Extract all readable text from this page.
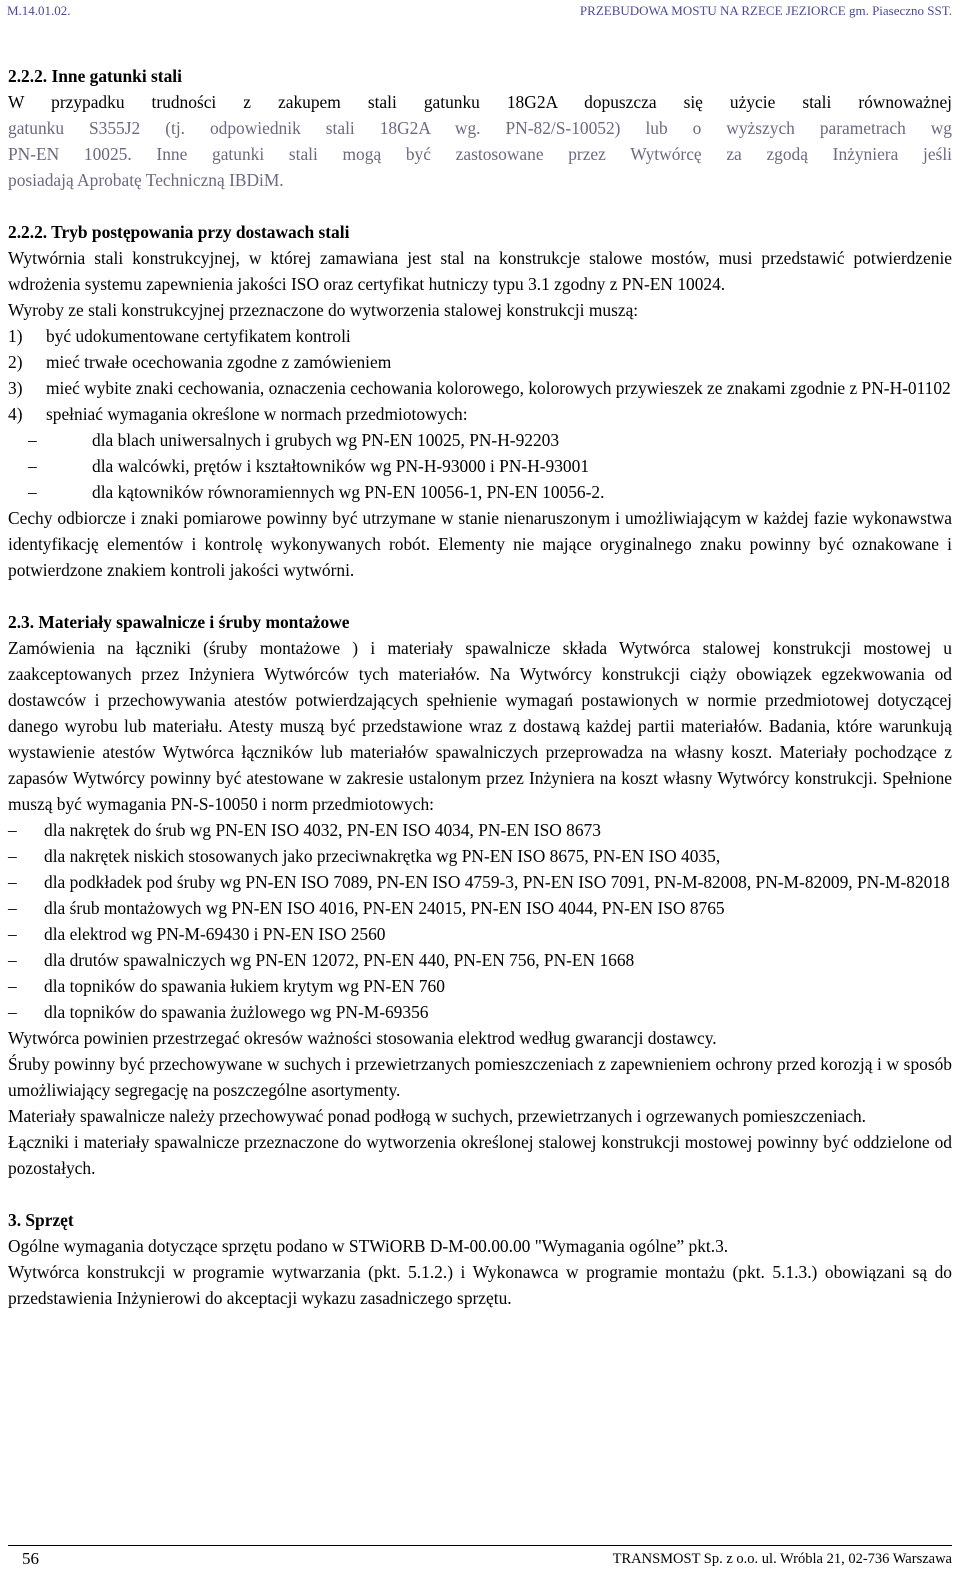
M.14.01.02.	PRZEBUDOWA MOSTU NA RZECE JEZIORCE gm. Piaseczno SST.
2.2.2. Inne gatunki stali
W przypadku trudności z zakupem stali gatunku 18G2A dopuszcza się użycie stali równoważnej
gatunku S355J2 (tj. odpowiednik stali 18G2A wg. PN-82/S-10052) lub o wyższych parametrach wg
PN-EN 10025. Inne gatunki stali mogą być zastosowane przez Wytwórcę za zgodą Inżyniera jeśli
posiadają Aprobatę Techniczną IBDiM.
2.2.2. Tryb postępowania przy dostawach stali

Wytwórnia stali konstrukcyjnej, w której zamawiana jest stal na konstrukcje stalowe mostów, musi przedstawić potwierdzenie wdrożenia systemu zapewnienia jakości ISO oraz certyfikat hutniczy typu 3.1 zgodny z PN-EN 10024.

Wyroby ze stali konstrukcyjnej przeznaczone do wytworzenia stalowej konstrukcji muszą:

1)	być udokumentowane certyfikatem kontroli
2)	mieć trwałe ocechowania zgodne z zamówieniem
3)	mieć wybite znaki cechowania, oznaczenia cechowania kolorowego, kolorowych przywieszek ze znakami zgodnie z PN-H-01102
4)	spełniać wymagania określone w normach przedmiotowych:
–	dla blach uniwersalnych i grubych wg PN-EN 10025, PN-H-92203
–	dla walcówki, prętów i kształtowników wg PN-H-93000 i PN-H-93001
–	dla kątowników równoramiennych wg PN-EN 10056-1, PN-EN 10056-2.

Cechy odbiorcze i znaki pomiarowe powinny być utrzymane w stanie nienaruszonym i umożliwiającym w każdej fazie wykonawstwa identyfikację elementów i kontrolę wykonywanych robót. Elementy nie mające oryginalnego znaku powinny być oznakowane i potwierdzone znakiem kontroli jakości wytwórni.

2.3. Materiały spawalnicze i śruby montażowe

Zamówienia na łączniki (śruby montażowe ) i materiały spawalnicze składa Wytwórca stalowej konstrukcji mostowej u zaakceptowanych przez Inżyniera Wytwórców tych materiałów. Na Wytwórcy konstrukcji ciąży obowiązek egzekwowania od dostawców i przechowywania atestów potwierdzających spełnienie wymagań postawionych w normie przedmiotowej dotyczącej danego wyrobu lub materiału. Atesty muszą być przedstawione wraz z dostawą każdej partii materiałów. Badania, które warunkują wystawienie atestów Wytwórca łączników lub materiałów spawalniczych przeprowadza na własny koszt. Materiały pochodzące z zapasów Wytwórcy powinny być atestowane w zakresie ustalonym przez Inżyniera na koszt własny Wytwórcy konstrukcji. Spełnione muszą być wymagania PN-S-10050 i norm przedmiotowych:

–	dla nakrętek do śrub wg PN-EN ISO 4032, PN-EN ISO 4034, PN-EN ISO 8673
–	dla nakrętek niskich stosowanych jako przeciwnakrętka wg PN-EN ISO 8675, PN-EN ISO 4035,
–	dla podkładek pod śruby wg PN-EN ISO 7089, PN-EN ISO 4759-3, PN-EN ISO 7091, PN-M-82008, PN-M-82009, PN-M-82018
–	dla śrub montażowych wg PN-EN ISO 4016, PN-EN 24015, PN-EN ISO 4044, PN-EN ISO 8765
–	dla elektrod wg PN-M-69430 i PN-EN ISO 2560
–	dla drutów spawalniczych wg PN-EN 12072, PN-EN 440, PN-EN 756, PN-EN 1668
–	dla topników do spawania łukiem krytym wg PN-EN 760
–	dla topników do spawania żużlowego wg PN-M-69356

Wytwórca powinien przestrzegać okresów ważności stosowania elektrod według gwarancji dostawcy.

Śruby powinny być przechowywane w suchych i przewietrzanych pomieszczeniach z zapewnieniem ochrony przed korozją i w sposób umożliwiający segregację na poszczególne asortymenty.

Materiały spawalnicze należy przechowywać ponad podłogą w suchych, przewietrzanych i ogrzewanych pomieszczeniach.

Łączniki i materiały spawalnicze przeznaczone do wytworzenia określonej stalowej konstrukcji mostowej powinny być oddzielone od pozostałych.

3. Sprzęt

Ogólne wymagania dotyczące sprzętu podano w STWiORB D-M-00.00.00 "Wymagania ogólne” pkt.3.

Wytwórca konstrukcji w programie wytwarzania (pkt. 5.1.2.) i Wykonawca w programie montażu (pkt. 5.1.3.) obowiązani są do przedstawienia Inżynierowi do akceptacji wykazu zasadniczego sprzętu.

56	TRANSMOST Sp. z o.o. ul. Wróbla 21, 02-736 Warszawa
